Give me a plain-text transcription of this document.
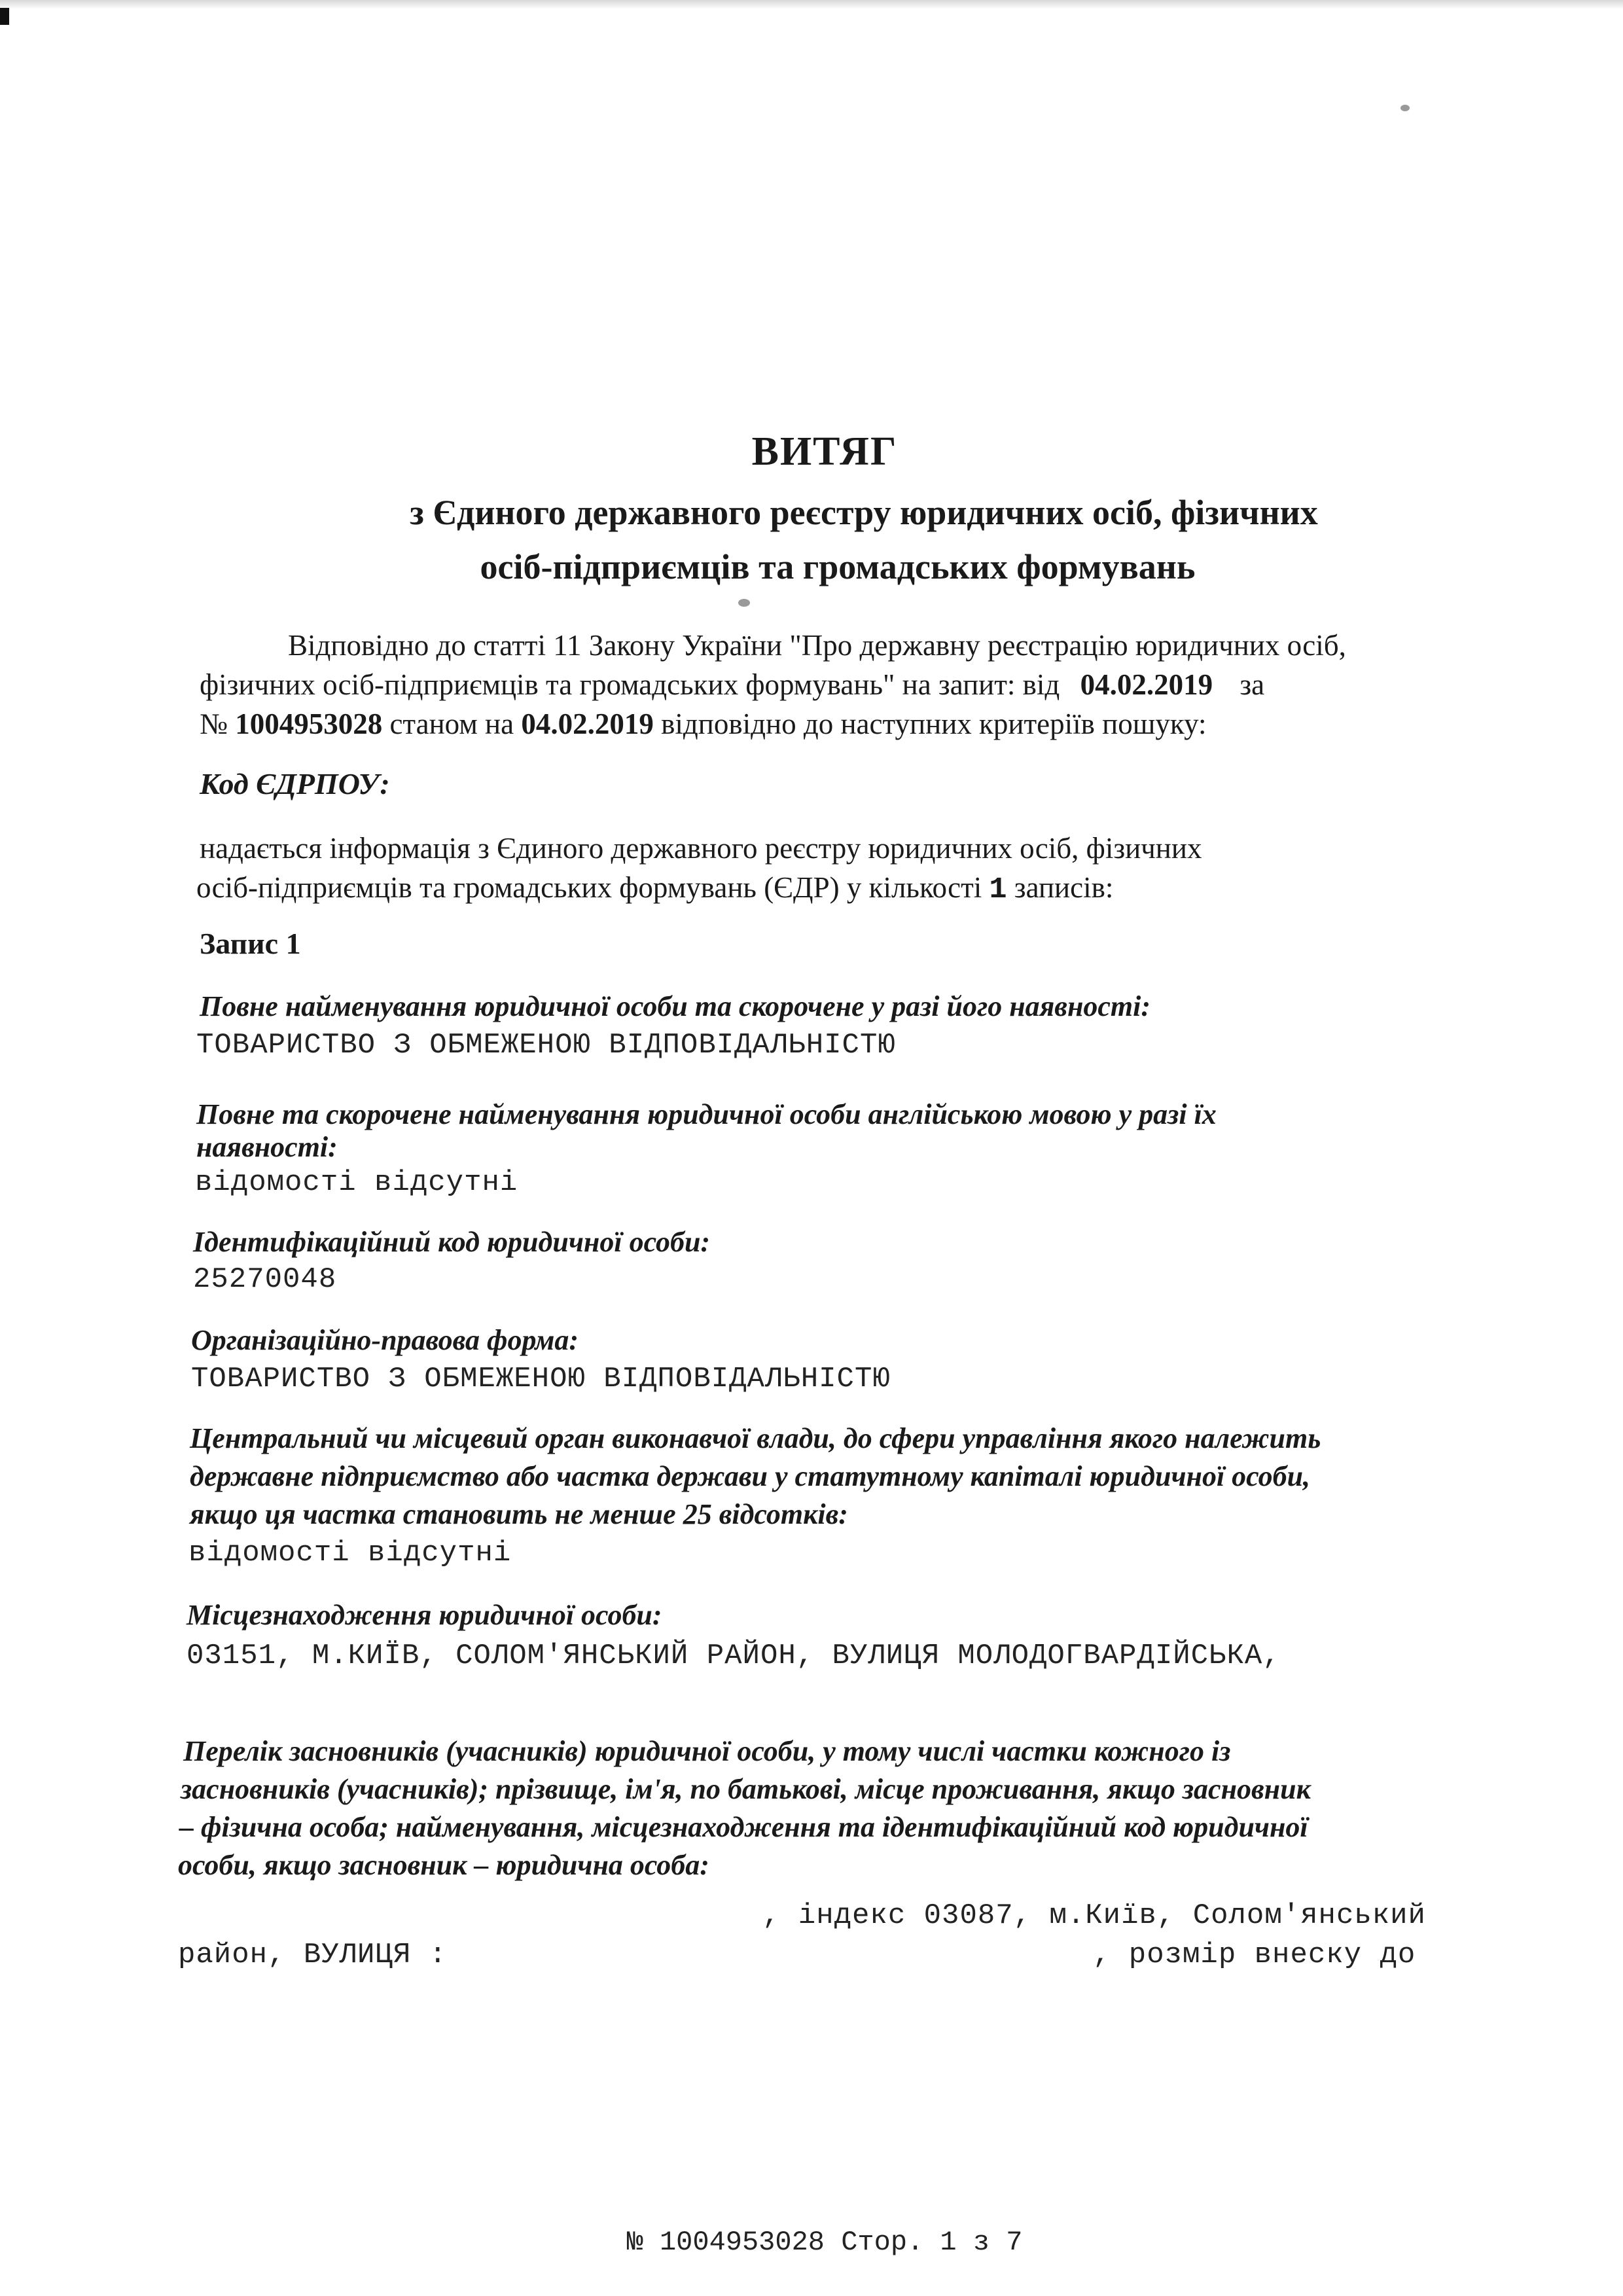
ВИТЯГ
з Єдиного державного реєстру юридичних осіб, фізичних
осіб-підприємців та громадських формувань
Відповідно до статті 11 Закону України "Про державну реєстрацію юридичних осіб,
фізичних осіб-підприємців та громадських формувань" на запит: від 04.02.2019 за
№ 1004953028 станом на 04.02.2019 відповідно до наступних критеріїв пошуку:
Код ЄДРПОУ:
надається інформація з Єдиного державного реєстру юридичних осіб, фізичних
осіб-підприємців та громадських формувань (ЄДР) у кількості 1 записів:
Запис 1
Повне найменування юридичної особи та скорочене у разі його наявності:
ТОВАРИСТВО З ОБМЕЖЕНОЮ ВІДПОВІДАЛЬНІСТЮ
Повне та скорочене найменування юридичної особи англійською мовою у разі їх
наявності:
відомості відсутні
Ідентифікаційний код юридичної особи:
25270048
Організаційно-правова форма:
ТОВАРИСТВО З ОБМЕЖЕНОЮ ВІДПОВІДАЛЬНІСТЮ
Центральний чи місцевий орган виконавчої влади, до сфери управління якого належить
державне підприємство або частка держави у статутному капіталі юридичної особи,
якщо ця частка становить не менше 25 відсотків:
відомості відсутні
Місцезнаходження юридичної особи:
03151, М.КИЇВ, СОЛОМ'ЯНСЬКИЙ РАЙОН, ВУЛИЦЯ МОЛОДОГВАРДІЙСЬКА,
Перелік засновників (учасників) юридичної особи, у тому числі частки кожного із
засновників (учасників); прізвище, ім'я, по батькові, місце проживання, якщо засновник
– фізична особа; найменування, місцезнаходження та ідентифікаційний код юридичної
особи, якщо засновник – юридична особа:
, індекс 03087, м.Київ, Солом'янський
район, ВУЛИЦЯ :	, розмір внеску до
№ 1004953028 Стор. 1 з 7
